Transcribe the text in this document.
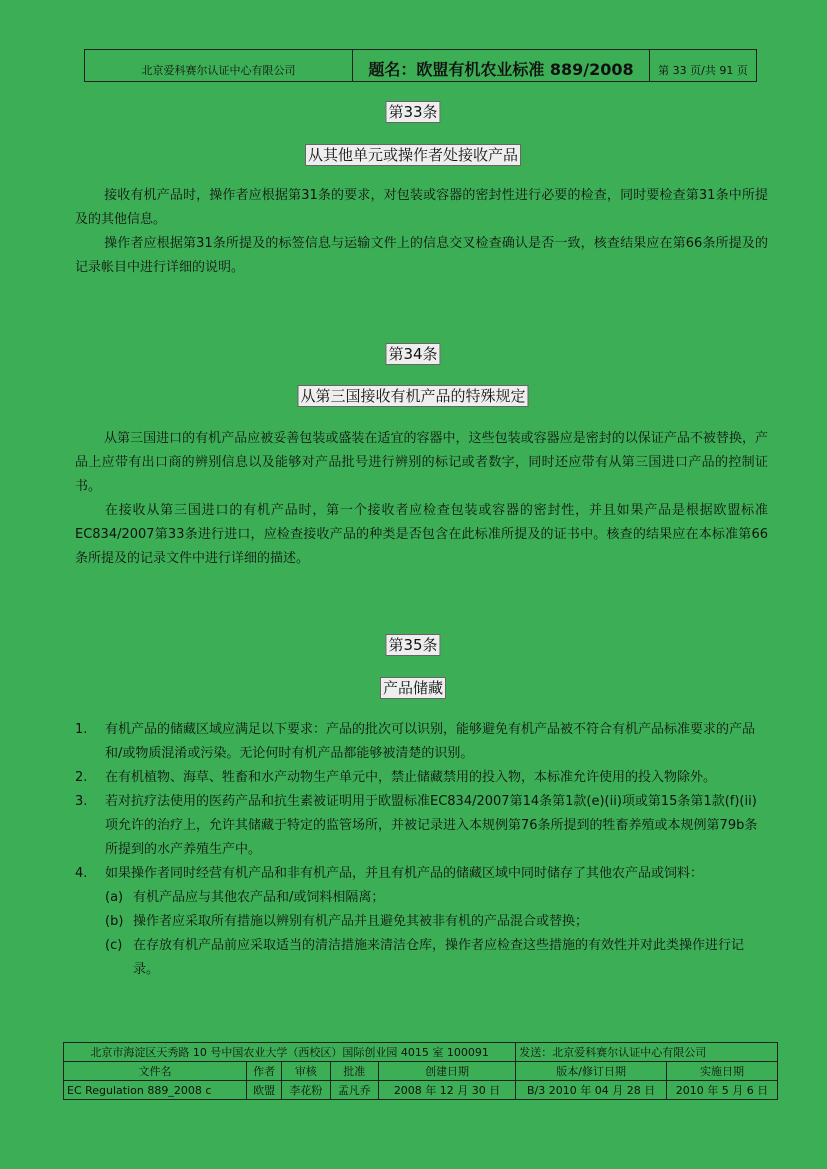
北京爱科赛尔认证中心有限公司	题名：欧盟有机农业标准 889/2008	第 33 页/共 91 页
第33条
从其他单元或操作者处接收产品

接收有机产品时，操作者应根据第31条的要求，对包装或容器的密封性进行必要的检查，同时要检查第31条中所提及的其他信息。
操作者应根据第31条所提及的标签信息与运输文件上的信息交叉检查确认是否一致，核查结果应在第66条所提及的记录帐目中进行详细的说明。

第34条
从第三国接收有机产品的特殊规定

从第三国进口的有机产品应被妥善包装或盛装在适宜的容器中，这些包装或容器应是密封的以保证产品不被替换，产品上应带有出口商的辨别信息以及能够对产品批号进行辨别的标记或者数字，同时还应带有从第三国进口产品的控制证书。
在接收从第三国进口的有机产品时，第一个接收者应检查包装或容器的密封性，并且如果产品是根据欧盟标准EC834/2007第33条进行进口，应检查接收产品的种类是否包含在此标准所提及的证书中。核查的结果应在本标准第66条所提及的记录文件中进行详细的描述。

第35条
产品储藏
1.	有机产品的储藏区域应满足以下要求：产品的批次可以识别，能够避免有机产品被不符合有机产品标准要求的产品和/或物质混淆或污染。无论何时有机产品都能够被清楚的识别。
2.	在有机植物、海草、牲畜和水产动物生产单元中，禁止储藏禁用的投入物，本标准允许使用的投入物除外。
3.	若对抗疗法使用的医药产品和抗生素被证明用于欧盟标准EC834/2007第14条第1款(e)(ii)项或第15条第1款(f)(ii)项允许的治疗上，允许其储藏于特定的监管场所，并被记录进入本规例第76条所提到的牲畜养殖或本规例第79b条所提到的水产养殖生产中。
4.	如果操作者同时经营有机产品和非有机产品，并且有机产品的储藏区域中同时储存了其他农产品或饲料：
(a) 有机产品应与其他农产品和/或饲料相隔离；
(b) 操作者应采取所有措施以辨别有机产品并且避免其被非有机的产品混合或替换；
(c) 在存放有机产品前应采取适当的清洁措施来清洁仓库，操作者应检查这些措施的有效性并对此类操作进行记录。
北京市海淀区天秀路 10 号中国农业大学（西校区）国际创业园 4015 室 100091					发送：北京爱科赛尔认证中心有限公司	
文件名	作者	审核	批准	创建日期	版本/修订日期	实施日期
EC Regulation 889_2008 c	欧盟	李花粉	孟凡乔	2008 年 12 月 30 日	B/3 2010 年 04 月 28 日	2010 年 5 月 6 日
